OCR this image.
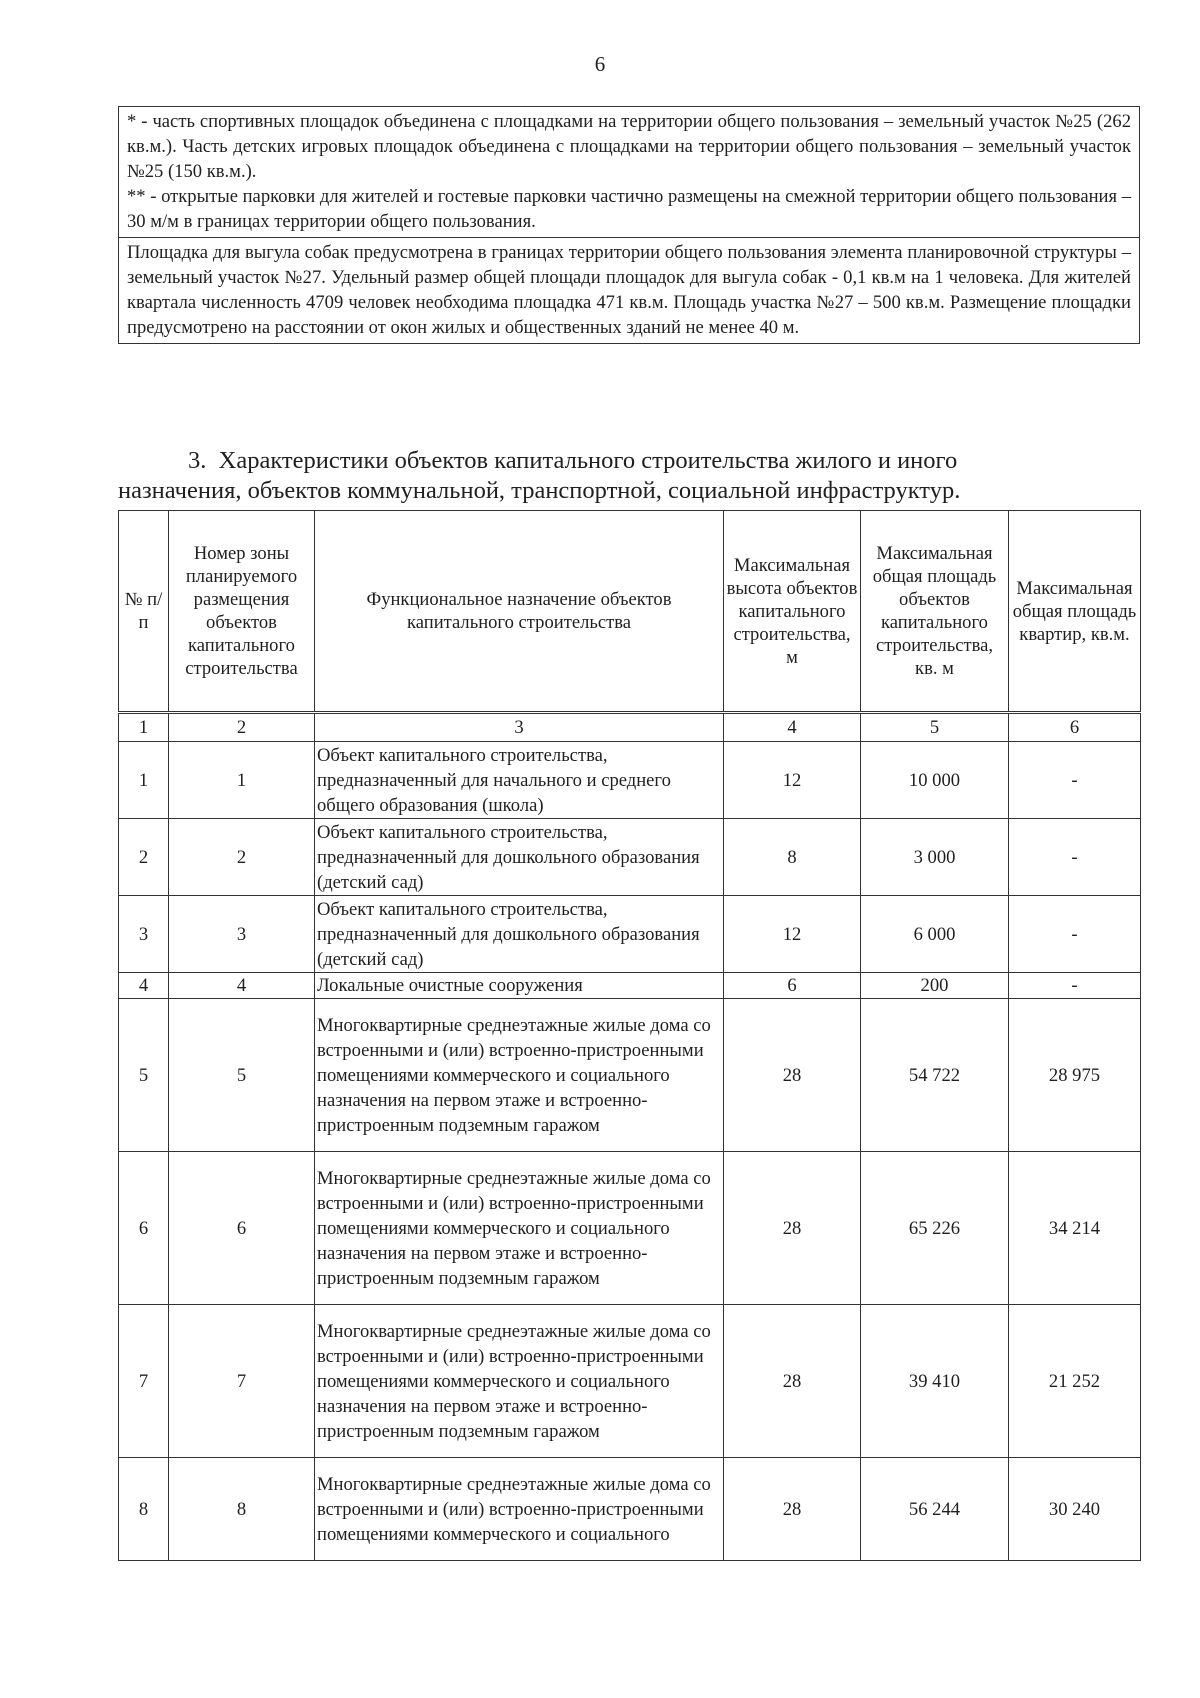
6

* - часть спортивных площадок объединена с площадками на территории общего пользования – земельный участок №25 (262 кв.м.). Часть детских игровых площадок объединена с площадками на территории общего пользования – земельный участок №25 (150 кв.м.).

** - открытые парковки для жителей и гостевые парковки частично размещены на смежной территории общего пользования – 30 м/м в границах территории общего пользования.

Площадка для выгула собак предусмотрена в границах территории общего пользования элемента планировочной структуры – земельный участок №27. Удельный размер общей площади площадок для выгула собак - 0,1 кв.м на 1 человека. Для жителей квартала численность 4709 человек необходима площадка 471 кв.м. Площадь участка №27 – 500 кв.м. Размещение площадки предусмотрено на расстоянии от окон жилых и общественных зданий не менее 40 м.

3. Характеристики объектов капитального строительства жилого и иного
назначения, объектов коммунальной, транспортной, социальной инфраструктур.
№ п/п	Номер зоны планируемого размещения объектов капитального строительства	Функциональное назначение объектов капитального строительства	Максимальная высота объектов капитального строительства, м	Максимальная общая площадь объектов капитального строительства, кв. м	Максимальная общая площадь квартир, кв.м.
1	2	3	4	5	6
1	1	Объект капитального строительства, предназначенный для начального и среднего общего образования (школа)	12	10 000	-
2	2	Объект капитального строительства, предназначенный для дошкольного образования (детский сад)	8	3 000	-
3	3	Объект капитального строительства, предназначенный для дошкольного образования (детский сад)	12	6 000	-
4	4	Локальные очистные сооружения	6	200	-
5	5	Многоквартирные среднеэтажные жилые дома со встроенными и (или) встроенно-пристроенными помещениями коммерческого и социального назначения на первом этаже и встроенно-пристроенным подземным гаражом	28	54 722	28 975
6	6	Многоквартирные среднеэтажные жилые дома со встроенными и (или) встроенно-пристроенными помещениями коммерческого и социального назначения на первом этаже и встроенно-пристроенным подземным гаражом	28	65 226	34 214
7	7	Многоквартирные среднеэтажные жилые дома со встроенными и (или) встроенно-пристроенными помещениями коммерческого и социального назначения на первом этаже и встроенно-пристроенным подземным гаражом	28	39 410	21 252
8	8	Многоквартирные среднеэтажные жилые дома со встроенными и (или) встроенно-пристроенными помещениями коммерческого и социального	28	56 244	30 240
